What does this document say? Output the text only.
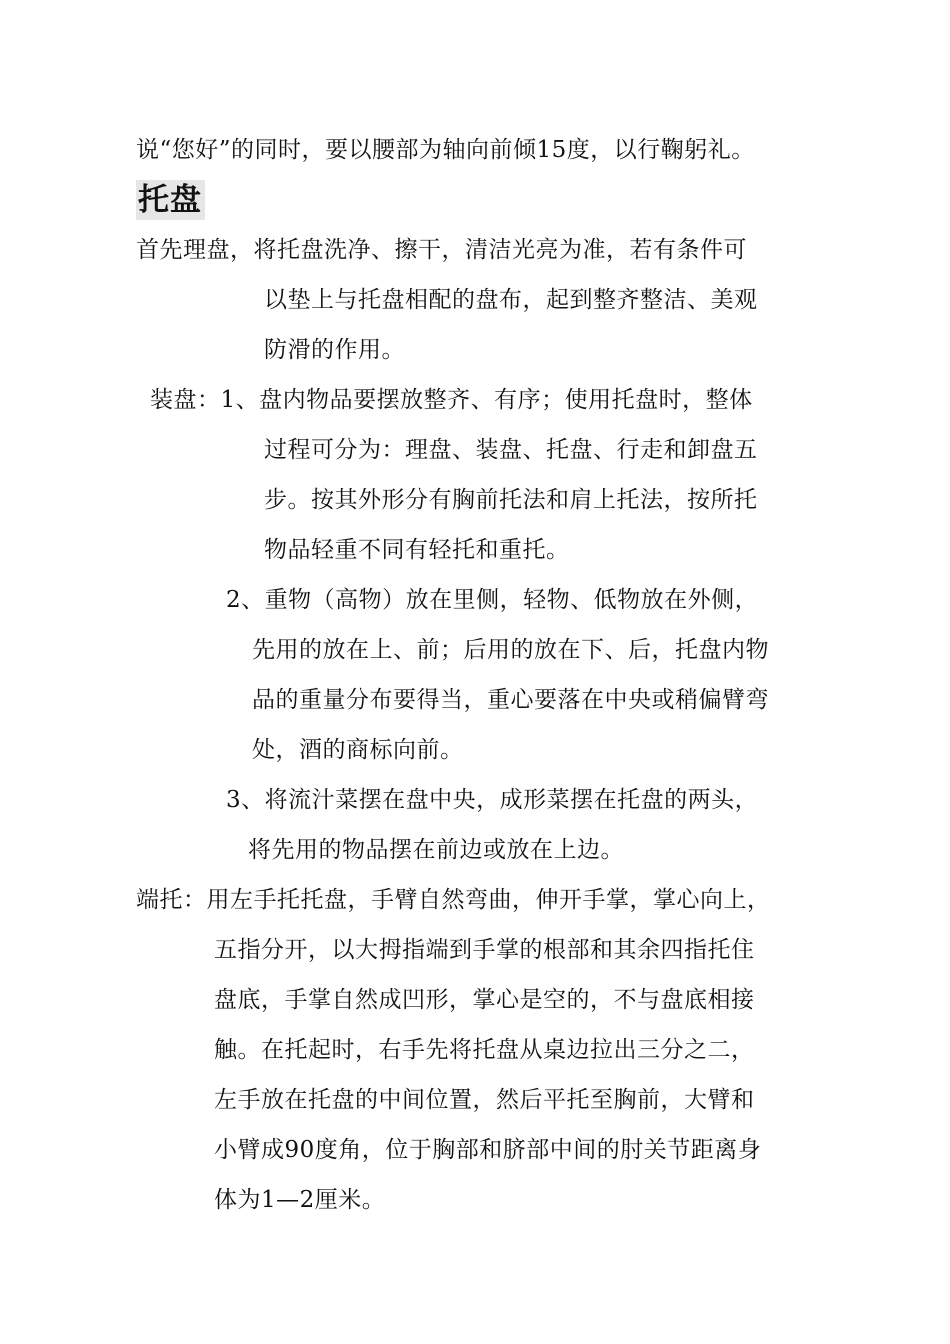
说“您好”的同时，要以腰部为轴向前倾15度，以行鞠躬礼。
托盘
首先理盘，将托盘洗净、擦干，清洁光亮为准，若有条件可
以垫上与托盘相配的盘布，起到整齐整洁、美观
防滑的作用。
装盘：1、盘内物品要摆放整齐、有序；使用托盘时，整体
过程可分为：理盘、装盘、托盘、行走和卸盘五
步。按其外形分有胸前托法和肩上托法，按所托
物品轻重不同有轻托和重托。
2、重物（高物）放在里侧，轻物、低物放在外侧，
先用的放在上、前；后用的放在下、后，托盘内物
品的重量分布要得当，重心要落在中央或稍偏臂弯
处，酒的商标向前。
3、将流汁菜摆在盘中央，成形菜摆在托盘的两头，
将先用的物品摆在前边或放在上边。
端托：用左手托托盘，手臂自然弯曲，伸开手掌，掌心向上，
五指分开，以大拇指端到手掌的根部和其余四指托住
盘底，手掌自然成凹形，掌心是空的，不与盘底相接
触。在托起时，右手先将托盘从桌边拉出三分之二，
左手放在托盘的中间位置，然后平托至胸前，大臂和
小臂成90度角，位于胸部和脐部中间的肘关节距离身
体为1—2厘米。
